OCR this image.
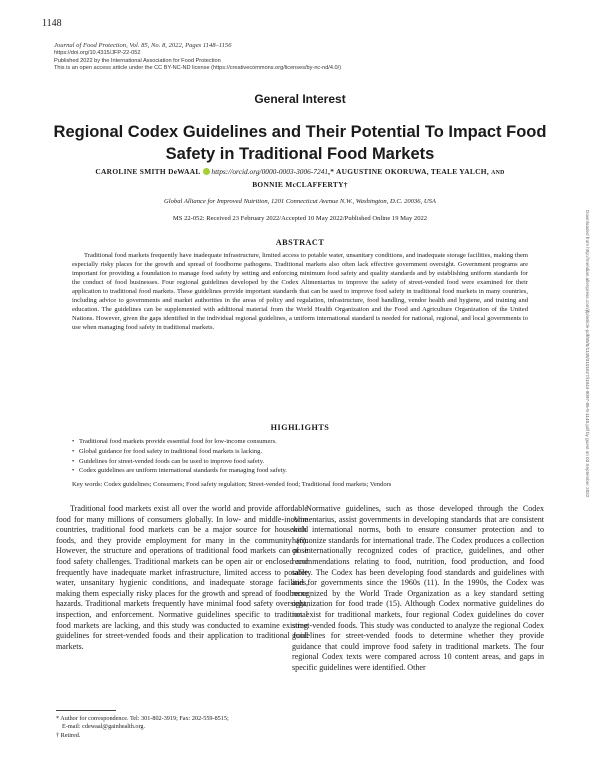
1148
Journal of Food Protection, Vol. 85, No. 8, 2022, Pages 1148–1156
https://doi.org/10.4315/JFP-22-052
Published 2022 by the International Association for Food Protection
This is an open access article under the CC BY-NC-ND license (https://creativecommons.org/licenses/by-nc-nd/4.0/)
General Interest
Regional Codex Guidelines and Their Potential To Impact Food Safety in Traditional Food Markets
CAROLINE SMITH DeWAAL https://orcid.org/0000-0003-3006-7241,* AUGUSTINE OKORUWA, TEALE YALCH, AND
BONNIE McCLAFFERTY†
Global Alliance for Improved Nutrition, 1201 Connecticut Avenue N.W., Washington, D.C. 20036, USA
MS 22-052: Received 23 February 2022/Accepted 10 May 2022/Published Online 19 May 2022
ABSTRACT
Traditional food markets frequently have inadequate infrastructure, limited access to potable water, unsanitary conditions, and inadequate storage facilities, making them especially risky places for the growth and spread of foodborne pathogens. Traditional markets also often lack effective government oversight. Government programs are important for providing a foundation to manage food safety by setting and enforcing minimum food safety and quality standards and by establishing uniform standards for the conduct of food businesses. Four regional guidelines developed by the Codex Alimentarius to improve the safety of street-vended food were examined for their application to traditional food markets. These guidelines provide important standards that can be used to improve food safety in traditional food markets in many countries, including advice to governments and market authorities in the areas of policy and regulation, infrastructure, food handling, vendor health and hygiene, and training and education. The guidelines can be supplemented with additional material from the World Health Organization and the Food and Agriculture Organization of the United Nations. However, given the gaps identified in the individual regional guidelines, a uniform international standard is needed for national, regional, and local governments to use when managing food safety in traditional markets.
HIGHLIGHTS
• Traditional food markets provide essential food for low-income consumers.
• Global guidance for food safety in traditional food markets is lacking.
• Guidelines for street-vended foods can be used to improve food safety.
• Codex guidelines are uniform international standards for managing food safety.
Key words: Codex guidelines; Consumers; Food safety regulation; Street-vended food; Traditional food markets; Vendors

Traditional food markets exist all over the world and provide affordable food for many millions of consumers globally. In low- and middle-income countries, traditional food markets can be a major source for household foods, and they provide employment for many in the community (6). However, the structure and operations of traditional food markets can pose food safety challenges. Traditional markets can be open air or enclosed and frequently have inadequate market infrastructure, limited access to potable water, unsanitary hygienic conditions, and inadequate storage facilities, making them especially risky places for the growth and spread of foodborne hazards. Traditional markets frequently have minimal food safety oversight, inspection, and enforcement. Normative guidelines specific to traditional food markets are lacking, and this study was conducted to examine existing guidelines for street-vended foods and their application to traditional food markets.

Normative guidelines, such as those developed through the Codex Alimentarius, assist governments in developing standards that are consistent with international norms, both to ensure consumer protection and to harmonize standards for international trade. The Codex produces a collection of internationally recognized codes of practice, guidelines, and other recommendations relating to food, nutrition, food production, and food safety. The Codex has been developing food standards and guidelines with and for governments since the 1960s (11). In the 1990s, the Codex was recognized by the World Trade Organization as a key standard setting organization for food trade (15). Although Codex normative guidelines do not exist for traditional markets, four regional Codex guidelines do cover street-vended foods. This study was conducted to analyze the regional Codex guidelines for street-vended foods to determine whether they provide guidance that could improve food safety in traditional markets. The four regional Codex texts were compared across 10 content areas, and gaps in specific guidelines were identified. Other

* Author for correspondence. Tel: 301-802-3919; Fax: 202-559-8515;
E-mail: cdewaal@gainhealth.org.
† Retired.
Downloaded from http://meridian.allenpress.com/jfp/article-pdf/85/8/1148/3101627/i1944-9097-85-8-1148.pdf by guest on 03 September 2022
